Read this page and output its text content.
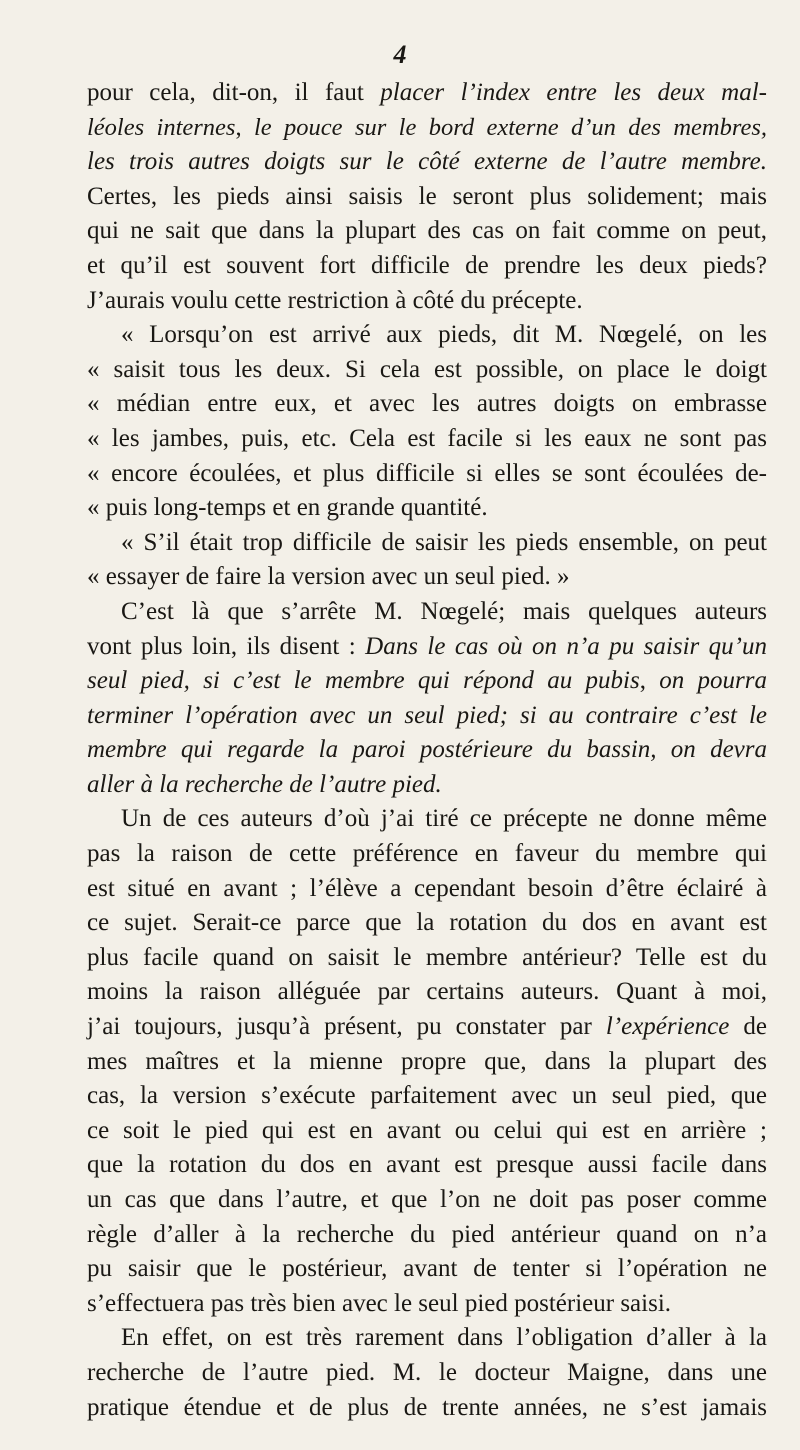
4
pour cela, dit-on, il faut placer l’index entre les deux mal-
léoles internes, le pouce sur le bord externe d’un des membres,
les trois autres doigts sur le côté externe de l’autre membre.
Certes, les pieds ainsi saisis le seront plus solidement; mais
qui ne sait que dans la plupart des cas on fait comme on peut,
et qu’il est souvent fort difficile de prendre les deux pieds?
J’aurais voulu cette restriction à côté du précepte.
« Lorsqu’on est arrivé aux pieds, dit M. Nœgelé, on les
« saisit tous les deux. Si cela est possible, on place le doigt
« médian entre eux, et avec les autres doigts on embrasse
« les jambes, puis, etc. Cela est facile si les eaux ne sont pas
« encore écoulées, et plus difficile si elles se sont écoulées de-
« puis long-temps et en grande quantité.
« S’il était trop difficile de saisir les pieds ensemble, on peut
« essayer de faire la version avec un seul pied. »
C’est là que s’arrête M. Nœgelé; mais quelques auteurs
vont plus loin, ils disent : Dans le cas où on n’a pu saisir qu’un
seul pied, si c’est le membre qui répond au pubis, on pourra
terminer l’opération avec un seul pied; si au contraire c’est le
membre qui regarde la paroi postérieure du bassin, on devra
aller à la recherche de l’autre pied.
Un de ces auteurs d’où j’ai tiré ce précepte ne donne même
pas la raison de cette préférence en faveur du membre qui
est situé en avant ; l’élève a cependant besoin d’être éclairé à
ce sujet. Serait-ce parce que la rotation du dos en avant est
plus facile quand on saisit le membre antérieur? Telle est du
moins la raison alléguée par certains auteurs. Quant à moi,
j’ai toujours, jusqu’à présent, pu constater par l’expérience de
mes maîtres et la mienne propre que, dans la plupart des
cas, la version s’exécute parfaitement avec un seul pied, que
ce soit le pied qui est en avant ou celui qui est en arrière ;
que la rotation du dos en avant est presque aussi facile dans
un cas que dans l’autre, et que l’on ne doit pas poser comme
règle d’aller à la recherche du pied antérieur quand on n’a
pu saisir que le postérieur, avant de tenter si l’opération ne
s’effectuera pas très bien avec le seul pied postérieur saisi.
En effet, on est très rarement dans l’obligation d’aller à la
recherche de l’autre pied. M. le docteur Maigne, dans une
pratique étendue et de plus de trente années, ne s’est jamais
